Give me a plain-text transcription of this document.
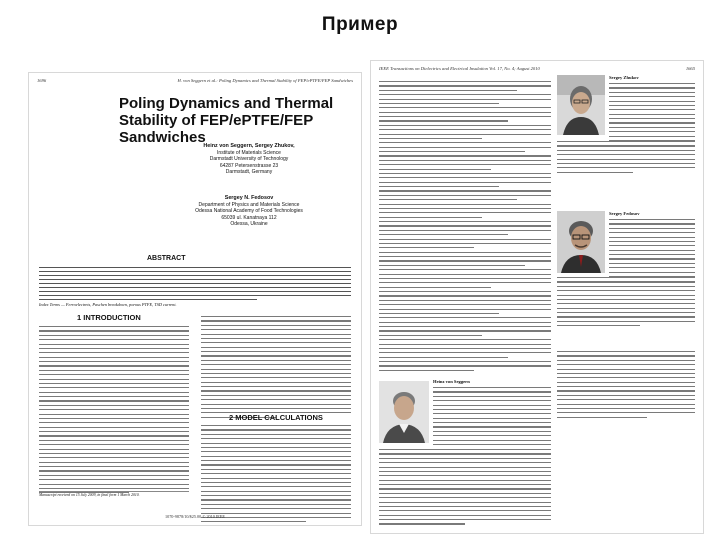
Пример
1696	H. von Seggern et al.: Poling Dynamics and Thermal Stability of FEP/ePTFE/FEP Sandwiches
Poling Dynamics and Thermal Stability of FEP/ePTFE/FEP Sandwiches
Heinz von Seggern, Sergey Zhukov,
Institute of Materials Science
Darmstadt University of Technology
64287 Petersenstrasse 23
Darmstadt, Germany
Sergey N. Fedosov
Department of Physics and Materials Science
Odessa National Academy of Food Technologies
65039 ul. Kanatnaya 112
Odessa, Ukraine
ABSTRACT
Index Terms — Ferroelectrets, Paschen breakdown, porous PTFE, TSD current.
1 INTRODUCTION
2 MODEL CALCULATIONS
Manuscript received on 15 July 2009, in final form 1 March 2010.
1070-9878/10/$25.00 © 2010 IEEE
IEEE Transactions on Dielectrics and Electrical Insulation Vol. 17, No. 4; August 2010	1665
Sergey Zhukov
Sergey Fedosov
Heinz von Seggern
